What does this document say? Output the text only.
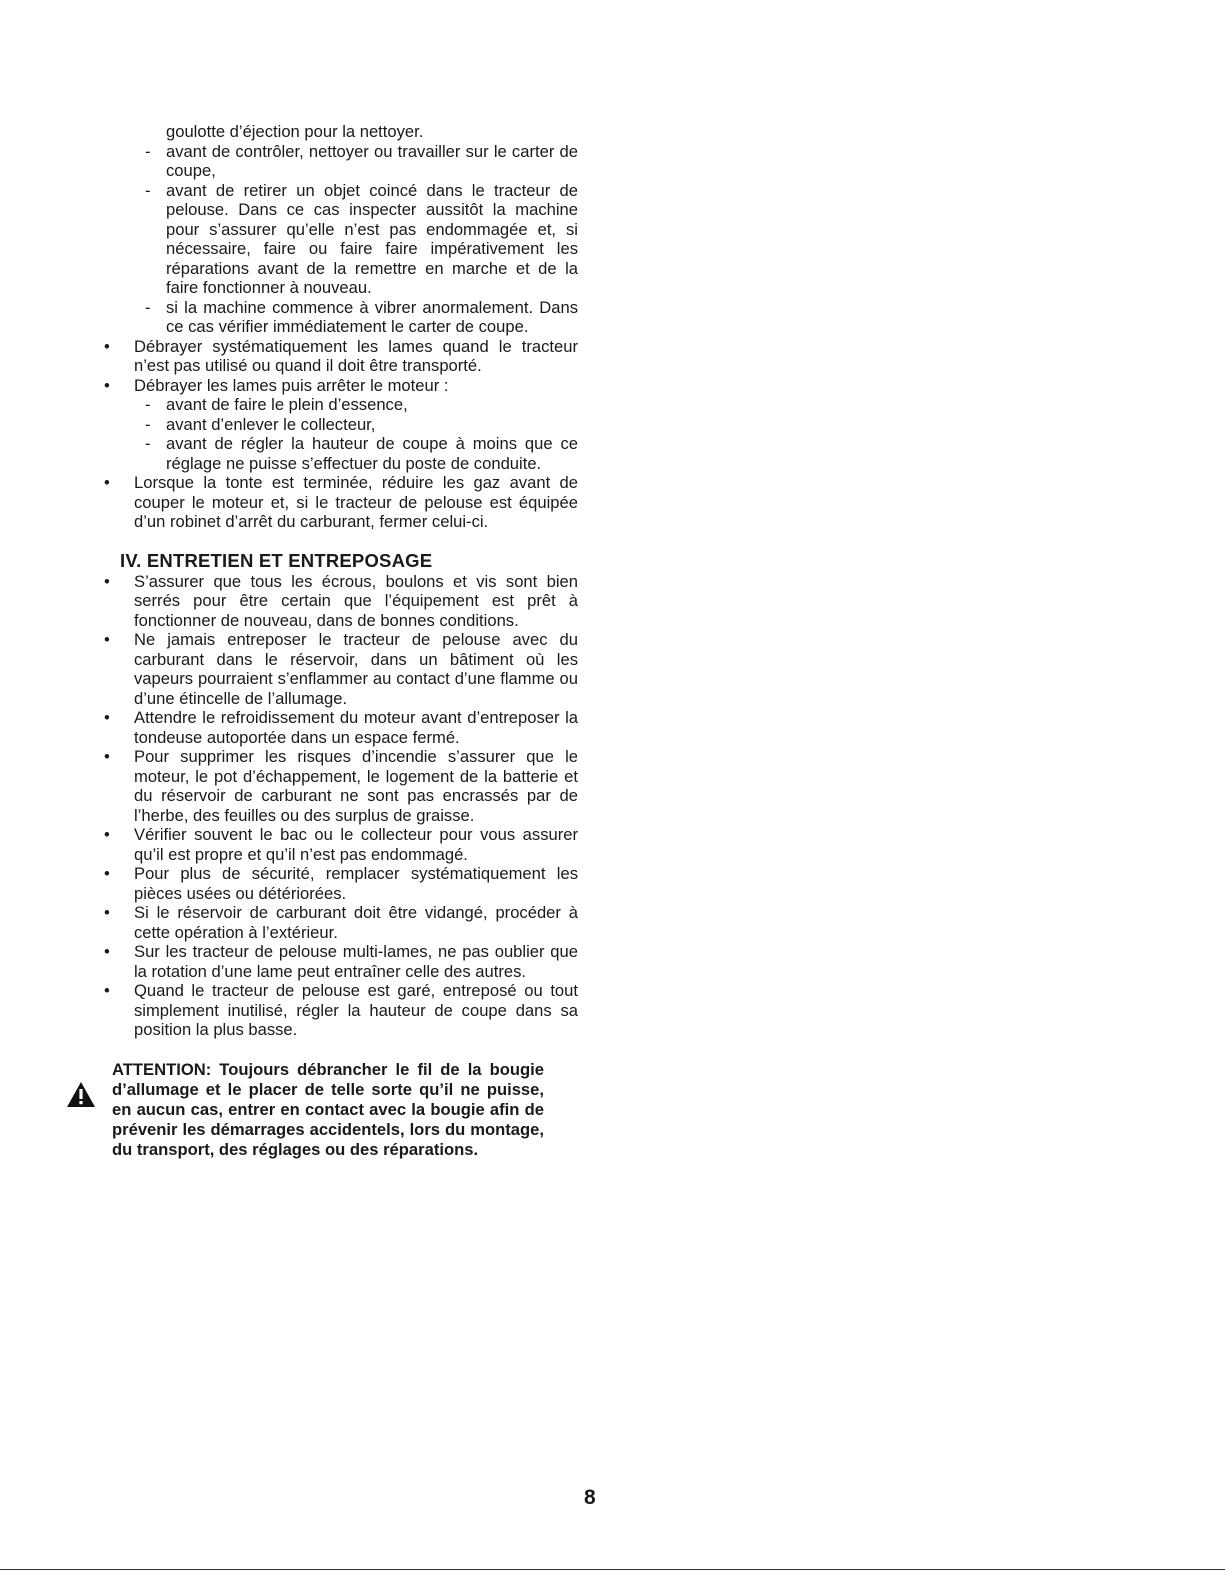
goulotte d’éjection pour la nettoyer.
- avant de contrôler, nettoyer ou travailler sur le carter de coupe,
- avant de retirer un objet coincé dans le tracteur de pelouse. Dans ce cas inspecter aussitôt la machine pour s’assurer qu’elle n’est pas endommagée et, si nécessaire, faire ou faire faire impérativement les réparations avant de la remettre en marche et de la faire fonctionner à nouveau.
- si la machine commence à vibrer anormalement. Dans ce cas vérifier immédiatement le carter de coupe.
• Débrayer systématiquement les lames quand le tracteur n’est pas utilisé ou quand il doit être transporté.
• Débrayer les lames puis arrêter le moteur :
- avant de faire le plein d’essence,
- avant d’enlever le collecteur,
- avant de régler la hauteur de coupe à moins que ce réglage ne puisse s’effectuer du poste de conduite.
• Lorsque la tonte est terminée, réduire les gaz avant de couper le moteur et, si le tracteur de pelouse est équipée d’un robinet d’arrêt du carburant, fermer celui-ci.
IV. ENTRETIEN ET ENTREPOSAGE
• S’assurer que tous les écrous, boulons et vis sont bien serrés pour être certain que l’équipement est prêt à fonctionner de nouveau, dans de bonnes conditions.
• Ne jamais entreposer le tracteur de pelouse avec du carburant dans le réservoir, dans un bâtiment où les vapeurs pourraient s’enflammer au contact d’une flamme ou d’une étincelle de l’allumage.
• Attendre le refroidissement du moteur avant d’entreposer la tondeuse autoportée dans un espace fermé.
• Pour supprimer les risques d’incendie s’assurer que le moteur, le pot d’échappement, le logement de la batterie et du réservoir de carburant ne sont pas encrassés par de l’herbe, des feuilles ou des surplus de graisse.
• Vérifier souvent le bac ou le collecteur pour vous assurer qu’il est propre et qu’il n’est pas endommagé.
• Pour plus de sécurité, remplacer systématiquement les pièces usées ou détériorées.
• Si le réservoir de carburant doit être vidangé, procéder à cette opération à l’extérieur.
• Sur les tracteur de pelouse multi-lames, ne pas oublier que la rotation d’une lame peut entraîner celle des autres.
• Quand le tracteur de pelouse est garé, entreposé ou tout simplement inutilisé, régler la hauteur de coupe dans sa position la plus basse.
ATTENTION: Toujours débrancher le fil de la bougie d’allumage et le placer de telle sorte qu’il ne puisse, en aucun cas, entrer en contact avec la bougie afin de prévenir les démarrages accidentels, lors du montage, du transport, des réglages ou des réparations.
8
